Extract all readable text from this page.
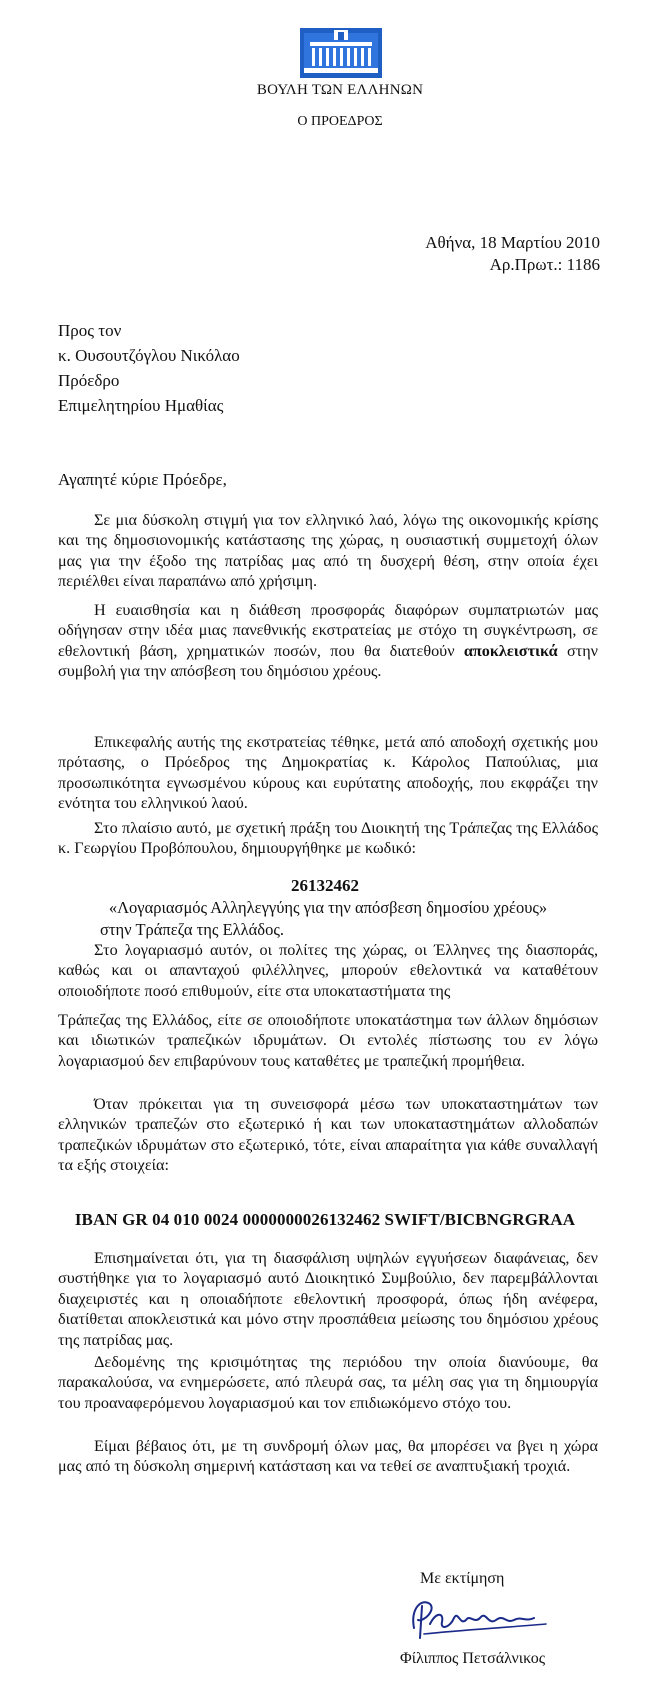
ΒΟΥΛΗ ΤΩΝ ΕΛΛΗΝΩΝ
Ο ΠΡΟΕΔΡΟΣ
Αθήνα, 18 Μαρτίου 2010
Αρ.Πρωτ.: 1186
Προς τον
κ. Ουσουτζόγλου Νικόλαο
Πρόεδρο
Επιμελητηρίου Ημαθίας
Αγαπητέ κύριε Πρόεδρε,
Σε μια δύσκολη στιγμή για τον ελληνικό λαό, λόγω της οικονομικής κρίσης και της δημοσιονομικής κατάστασης της χώρας, η ουσιαστική συμμετοχή όλων μας για την έξοδο της πατρίδας μας από τη δυσχερή θέση, στην οποία έχει περιέλθει είναι παραπάνω από χρήσιμη.
Η ευαισθησία και η διάθεση προσφοράς διαφόρων συμπατριωτών μας οδήγησαν στην ιδέα μιας πανεθνικής εκστρατείας με στόχο τη συγκέντρωση, σε εθελοντική βάση, χρηματικών ποσών, που θα διατεθούν αποκλειστικά στην συμβολή για την απόσβεση του δημόσιου χρέους.
Επικεφαλής αυτής της εκστρατείας τέθηκε, μετά από αποδοχή σχετικής μου πρότασης, ο Πρόεδρος της Δημοκρατίας κ. Κάρολος Παπούλιας, μια προσωπικότητα εγνωσμένου κύρους και ευρύτατης αποδοχής, που εκφράζει την ενότητα του ελληνικού λαού.
Στο πλαίσιο αυτό, με σχετική πράξη του Διοικητή της Τράπεζας της Ελλάδος κ. Γεωργίου Προβόπουλου, δημιουργήθηκε με κωδικό:
26132462
«Λογαριασμός Αλληλεγγύης για την απόσβεση δημοσίου χρέους»
στην Τράπεζα της Ελλάδος.
Στο λογαριασμό αυτόν, οι πολίτες της χώρας, οι Έλληνες της διασποράς, καθώς και οι απανταχού φιλέλληνες, μπορούν εθελοντικά να καταθέτουν οποιοδήποτε ποσό επιθυμούν, είτε στα υποκαταστήματα της
Τράπεζας της Ελλάδος, είτε σε οποιοδήποτε υποκατάστημα των άλλων δημόσιων και ιδιωτικών τραπεζικών ιδρυμάτων. Οι εντολές πίστωσης του εν λόγω λογαριασμού δεν επιβαρύνουν τους καταθέτες με τραπεζική προμήθεια.
Όταν πρόκειται για τη συνεισφορά μέσω των υποκαταστημάτων των ελληνικών τραπεζών στο εξωτερικό ή και των υποκαταστημάτων αλλοδαπών τραπεζικών ιδρυμάτων στο εξωτερικό, τότε, είναι απαραίτητα για κάθε συναλλαγή τα εξής στοιχεία:
IBAN GR 04 010 0024 0000000026132462 SWIFT/BICBNGRGRAA
Επισημαίνεται ότι, για τη διασφάλιση υψηλών εγγυήσεων διαφάνειας, δεν συστήθηκε για το λογαριασμό αυτό Διοικητικό Συμβούλιο, δεν παρεμβάλλονται διαχειριστές και η οποιαδήποτε εθελοντική προσφορά, όπως ήδη ανέφερα, διατίθεται αποκλειστικά και μόνο στην προσπάθεια μείωσης του δημόσιου χρέους της πατρίδας μας.
Δεδομένης της κρισιμότητας της περιόδου την οποία διανύουμε, θα παρακαλούσα, να ενημερώσετε, από πλευρά σας, τα μέλη σας για τη δημιουργία του προαναφερόμενου λογαριασμού και τον επιδιωκόμενο στόχο του.
Είμαι βέβαιος ότι, με τη συνδρομή όλων μας, θα μπορέσει να βγει η χώρα μας από τη δύσκολη σημερινή κατάσταση και να τεθεί σε αναπτυξιακή τροχιά.
Με εκτίμηση
Φίλιππος Πετσάλνικος
